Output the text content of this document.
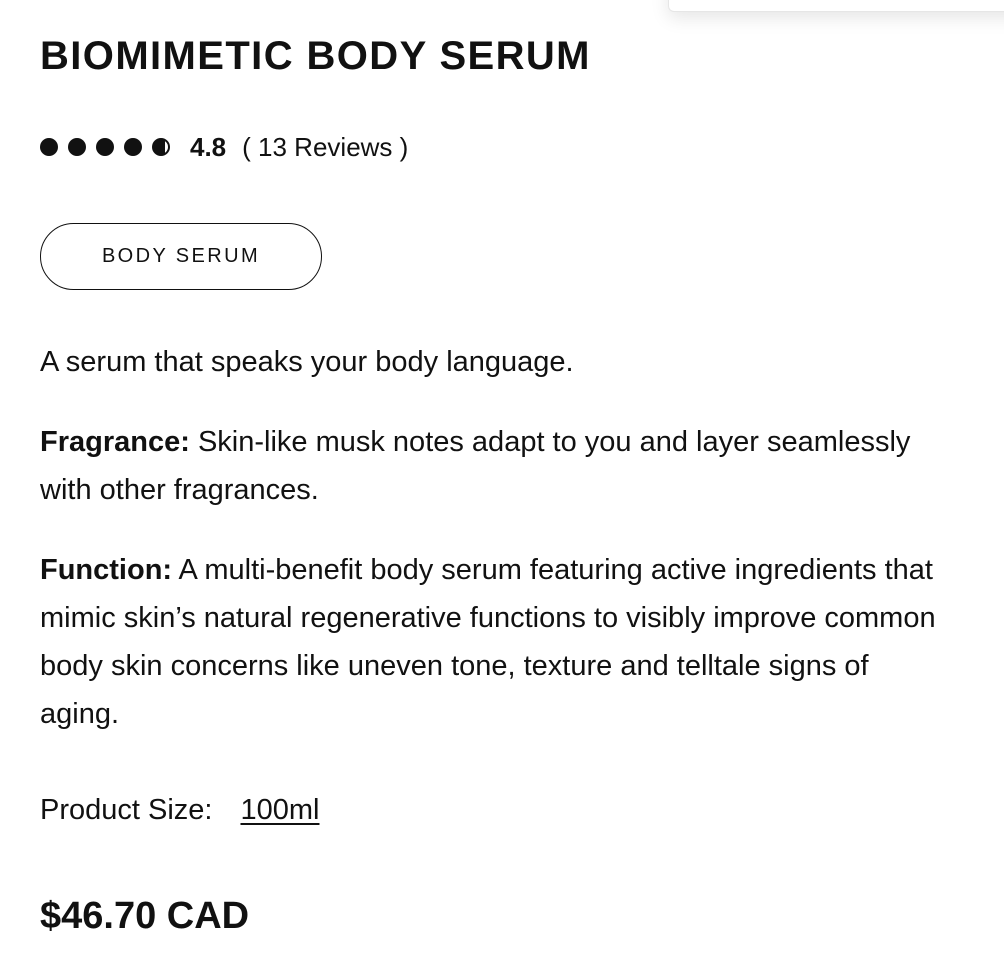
BIOMIMETIC BODY SERUM
4.8 ( 13 Reviews )
BODY SERUM

A serum that speaks your body language.

Fragrance: Skin-like musk notes adapt to you and layer seamlessly with other fragrances.

Function: A multi-benefit body serum featuring active ingredients that mimic skin’s natural regenerative functions to visibly improve common body skin concerns like uneven tone, texture and telltale signs of aging.

Product Size: 100ml
$46.70 CAD
